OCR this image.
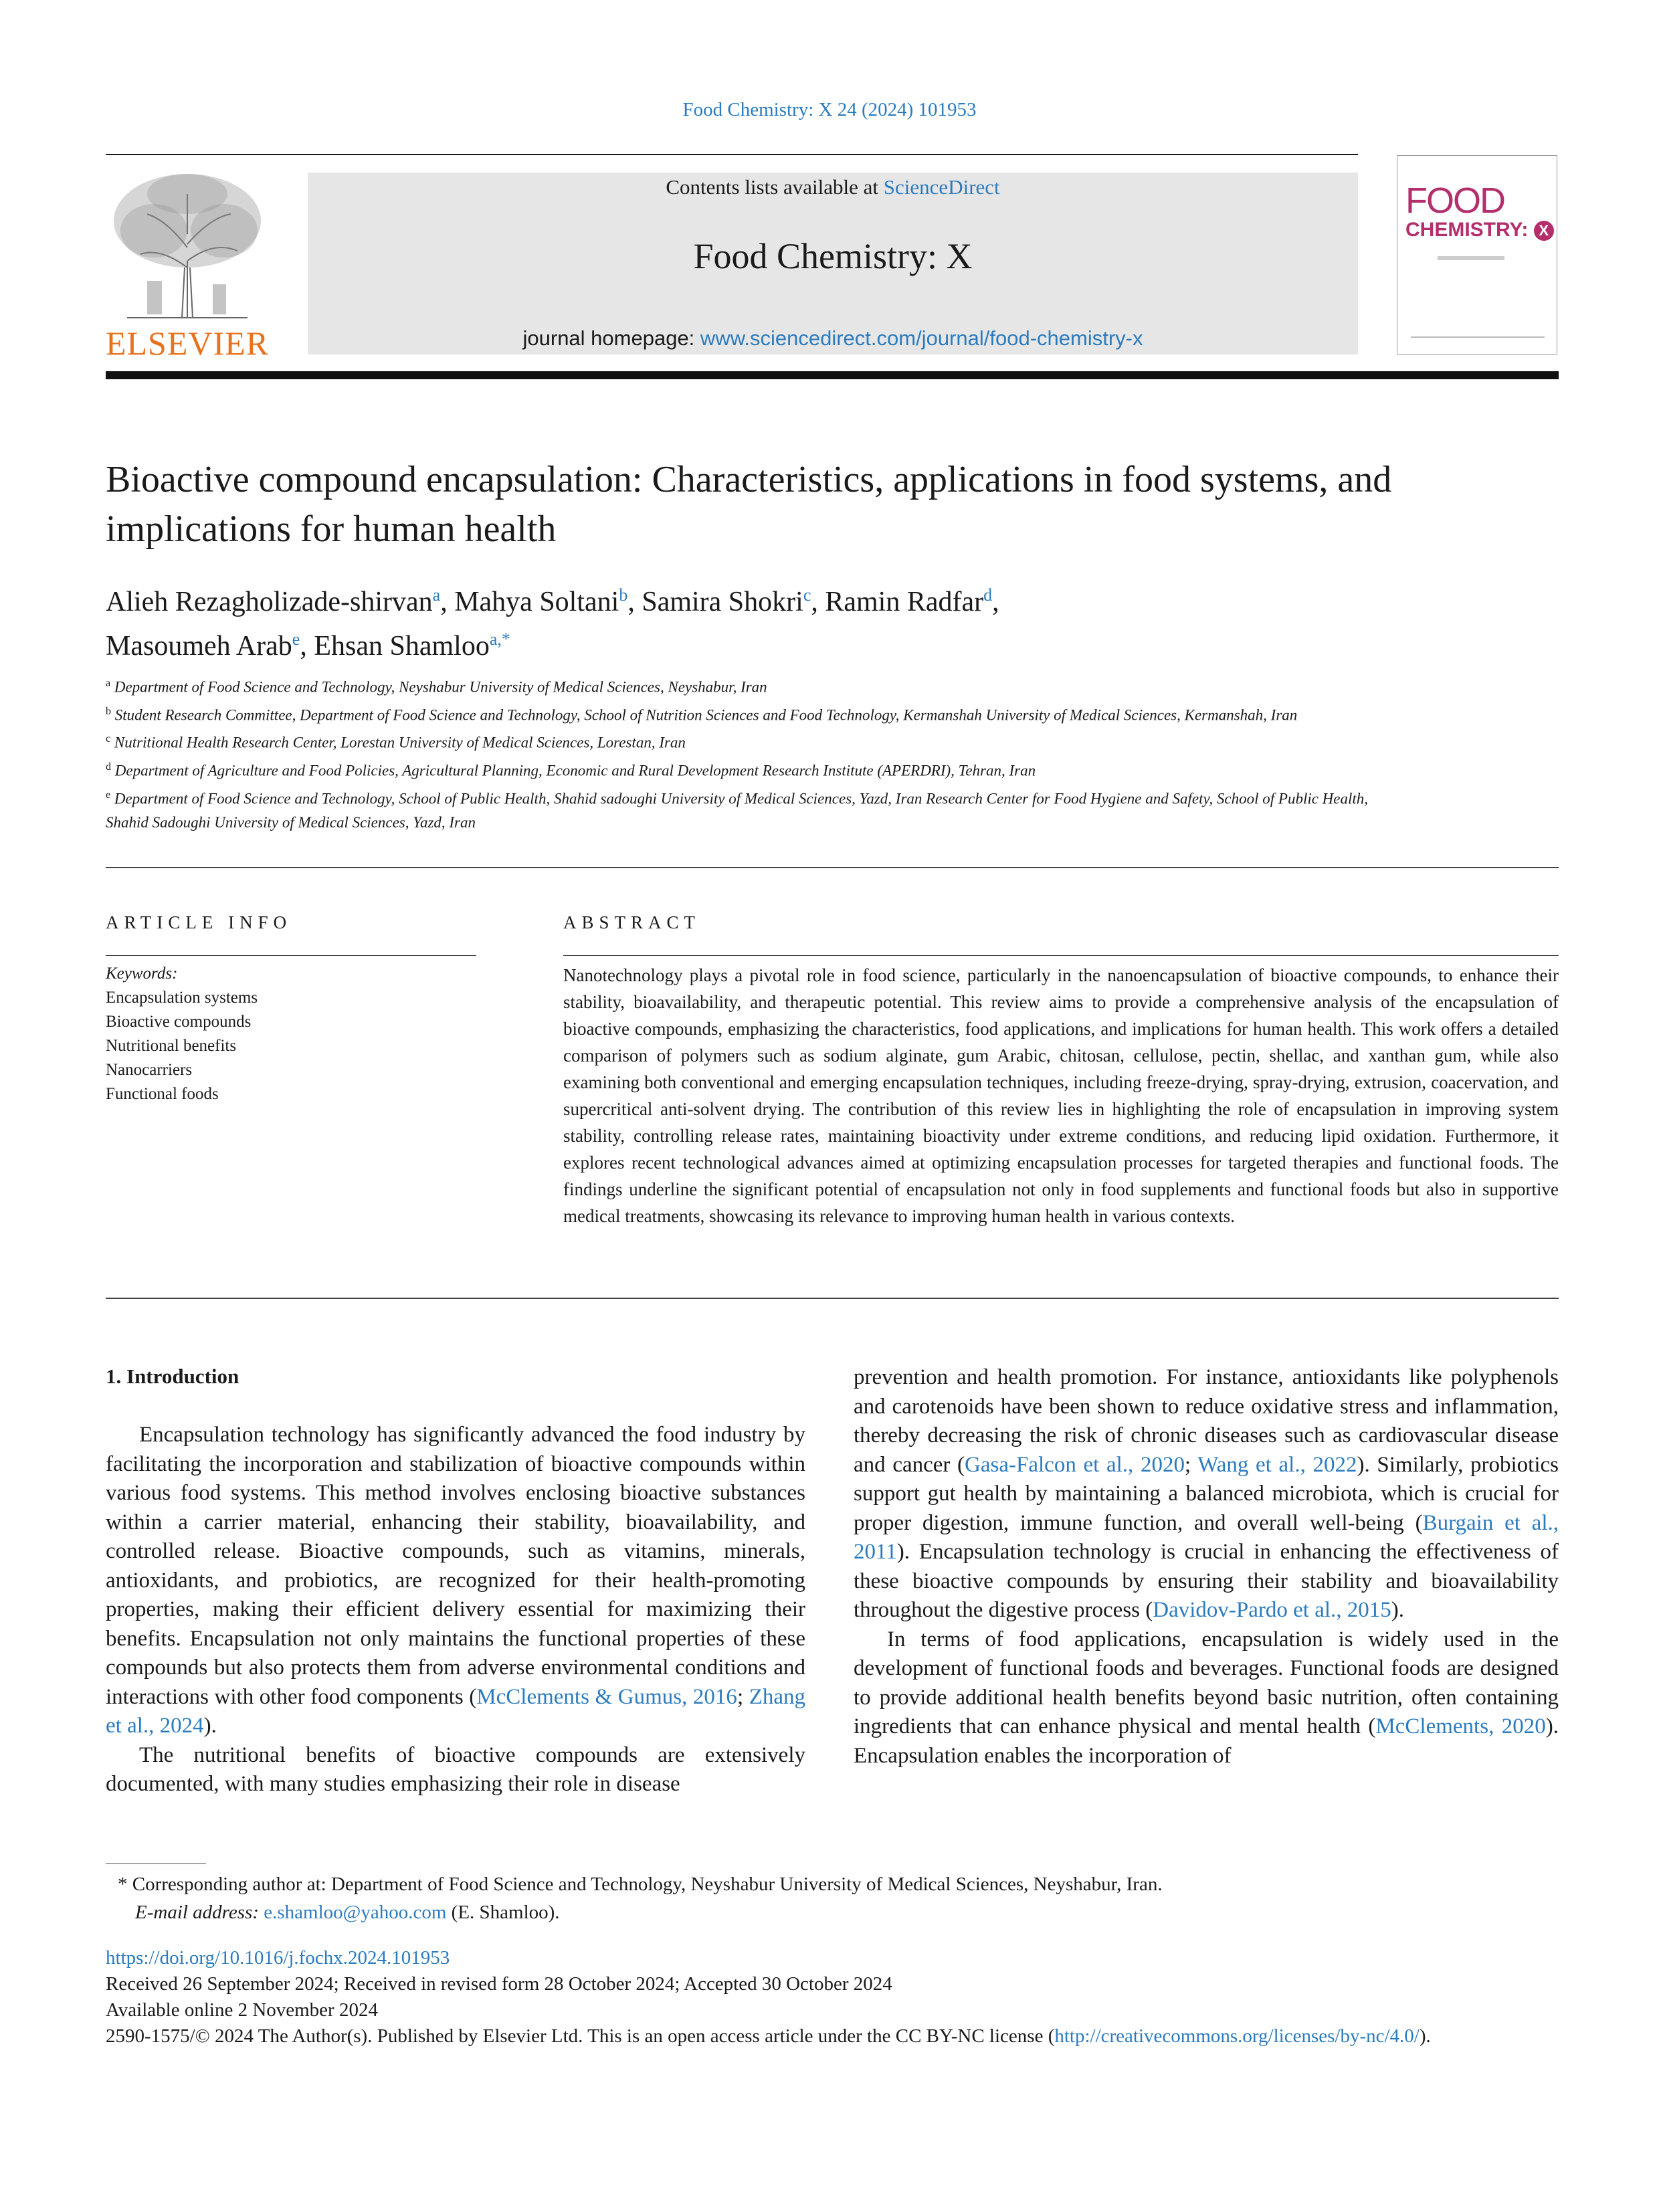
Food Chemistry: X 24 (2024) 101953
ELSEVIER
Contents lists available at ScienceDirect
Food Chemistry: X
journal homepage: www.sciencedirect.com/journal/food-chemistry-x
FOOD
CHEMISTRY: X
Bioactive compound encapsulation: Characteristics, applications in food systems, and implications for human health
Alieh Rezagholizade-shirvan$^a$, Mahya Soltani$^b$, Samira Shokri$^c$, Ramin Radfar$^d$,
Masoumeh Arab$^e$, Ehsan Shamloo$^{a,*}$
$^a$ Department of Food Science and Technology, Neyshabur University of Medical Sciences, Neyshabur, Iran
$^b$ Student Research Committee, Department of Food Science and Technology, School of Nutrition Sciences and Food Technology, Kermanshah University of Medical Sciences, Kermanshah, Iran
$^c$ Nutritional Health Research Center, Lorestan University of Medical Sciences, Lorestan, Iran
$^d$ Department of Agriculture and Food Policies, Agricultural Planning, Economic and Rural Development Research Institute (APERDRI), Tehran, Iran
$^e$ Department of Food Science and Technology, School of Public Health, Shahid sadoughi University of Medical Sciences, Yazd, Iran Research Center for Food Hygiene and Safety, School of Public Health, Shahid Sadoughi University of Medical Sciences, Yazd, Iran
ARTICLE INFO	ABSTRACT
Keywords:
Encapsulation systems
Bioactive compounds
Nutritional benefits
Nanocarriers
Functional foods
Nanotechnology plays a pivotal role in food science, particularly in the nanoencapsulation of bioactive compounds, to enhance their stability, bioavailability, and therapeutic potential. This review aims to provide a comprehensive analysis of the encapsulation of bioactive compounds, emphasizing the characteristics, food applications, and implications for human health. This work offers a detailed comparison of polymers such as sodium alginate, gum Arabic, chitosan, cellulose, pectin, shellac, and xanthan gum, while also examining both conventional and emerging encapsulation techniques, including freeze-drying, spray-drying, extrusion, coacervation, and supercritical anti-solvent drying. The contribution of this review lies in highlighting the role of encapsulation in improving system stability, controlling release rates, maintaining bioactivity under extreme conditions, and reducing lipid oxidation. Furthermore, it explores recent technological advances aimed at optimizing encapsulation processes for targeted therapies and functional foods. The findings underline the significant potential of encapsulation not only in food supplements and functional foods but also in supportive medical treatments, showcasing its relevance to improving human health in various contexts.
1. Introduction

Encapsulation technology has significantly advanced the food industry by facilitating the incorporation and stabilization of bioactive compounds within various food systems. This method involves enclosing bioactive substances within a carrier material, enhancing their stability, bioavailability, and controlled release. Bioactive compounds, such as vitamins, minerals, antioxidants, and probiotics, are recognized for their health-promoting properties, making their efficient delivery essential for maximizing their benefits. Encapsulation not only maintains the functional properties of these compounds but also protects them from adverse environmental conditions and interactions with other food components (McClements & Gumus, 2016; Zhang et al., 2024).

The nutritional benefits of bioactive compounds are extensively documented, with many studies emphasizing their role in disease

prevention and health promotion. For instance, antioxidants like polyphenols and carotenoids have been shown to reduce oxidative stress and inflammation, thereby decreasing the risk of chronic diseases such as cardiovascular disease and cancer (Gasa-Falcon et al., 2020; Wang et al., 2022). Similarly, probiotics support gut health by maintaining a balanced microbiota, which is crucial for proper digestion, immune function, and overall well-being (Burgain et al., 2011). Encapsulation technology is crucial in enhancing the effectiveness of these bioactive compounds by ensuring their stability and bioavailability throughout the digestive process (Davidov-Pardo et al., 2015).

In terms of food applications, encapsulation is widely used in the development of functional foods and beverages. Functional foods are designed to provide additional health benefits beyond basic nutrition, often containing ingredients that can enhance physical and mental health (McClements, 2020). Encapsulation enables the incorporation of

* Corresponding author at: Department of Food Science and Technology, Neyshabur University of Medical Sciences, Neyshabur, Iran.
E-mail address: e.shamloo@yahoo.com (E. Shamloo).
https://doi.org/10.1016/j.fochx.2024.101953
Received 26 September 2024; Received in revised form 28 October 2024; Accepted 30 October 2024
Available online 2 November 2024
2590-1575/© 2024 The Author(s). Published by Elsevier Ltd. This is an open access article under the CC BY-NC license (http://creativecommons.org/licenses/by-nc/4.0/).
